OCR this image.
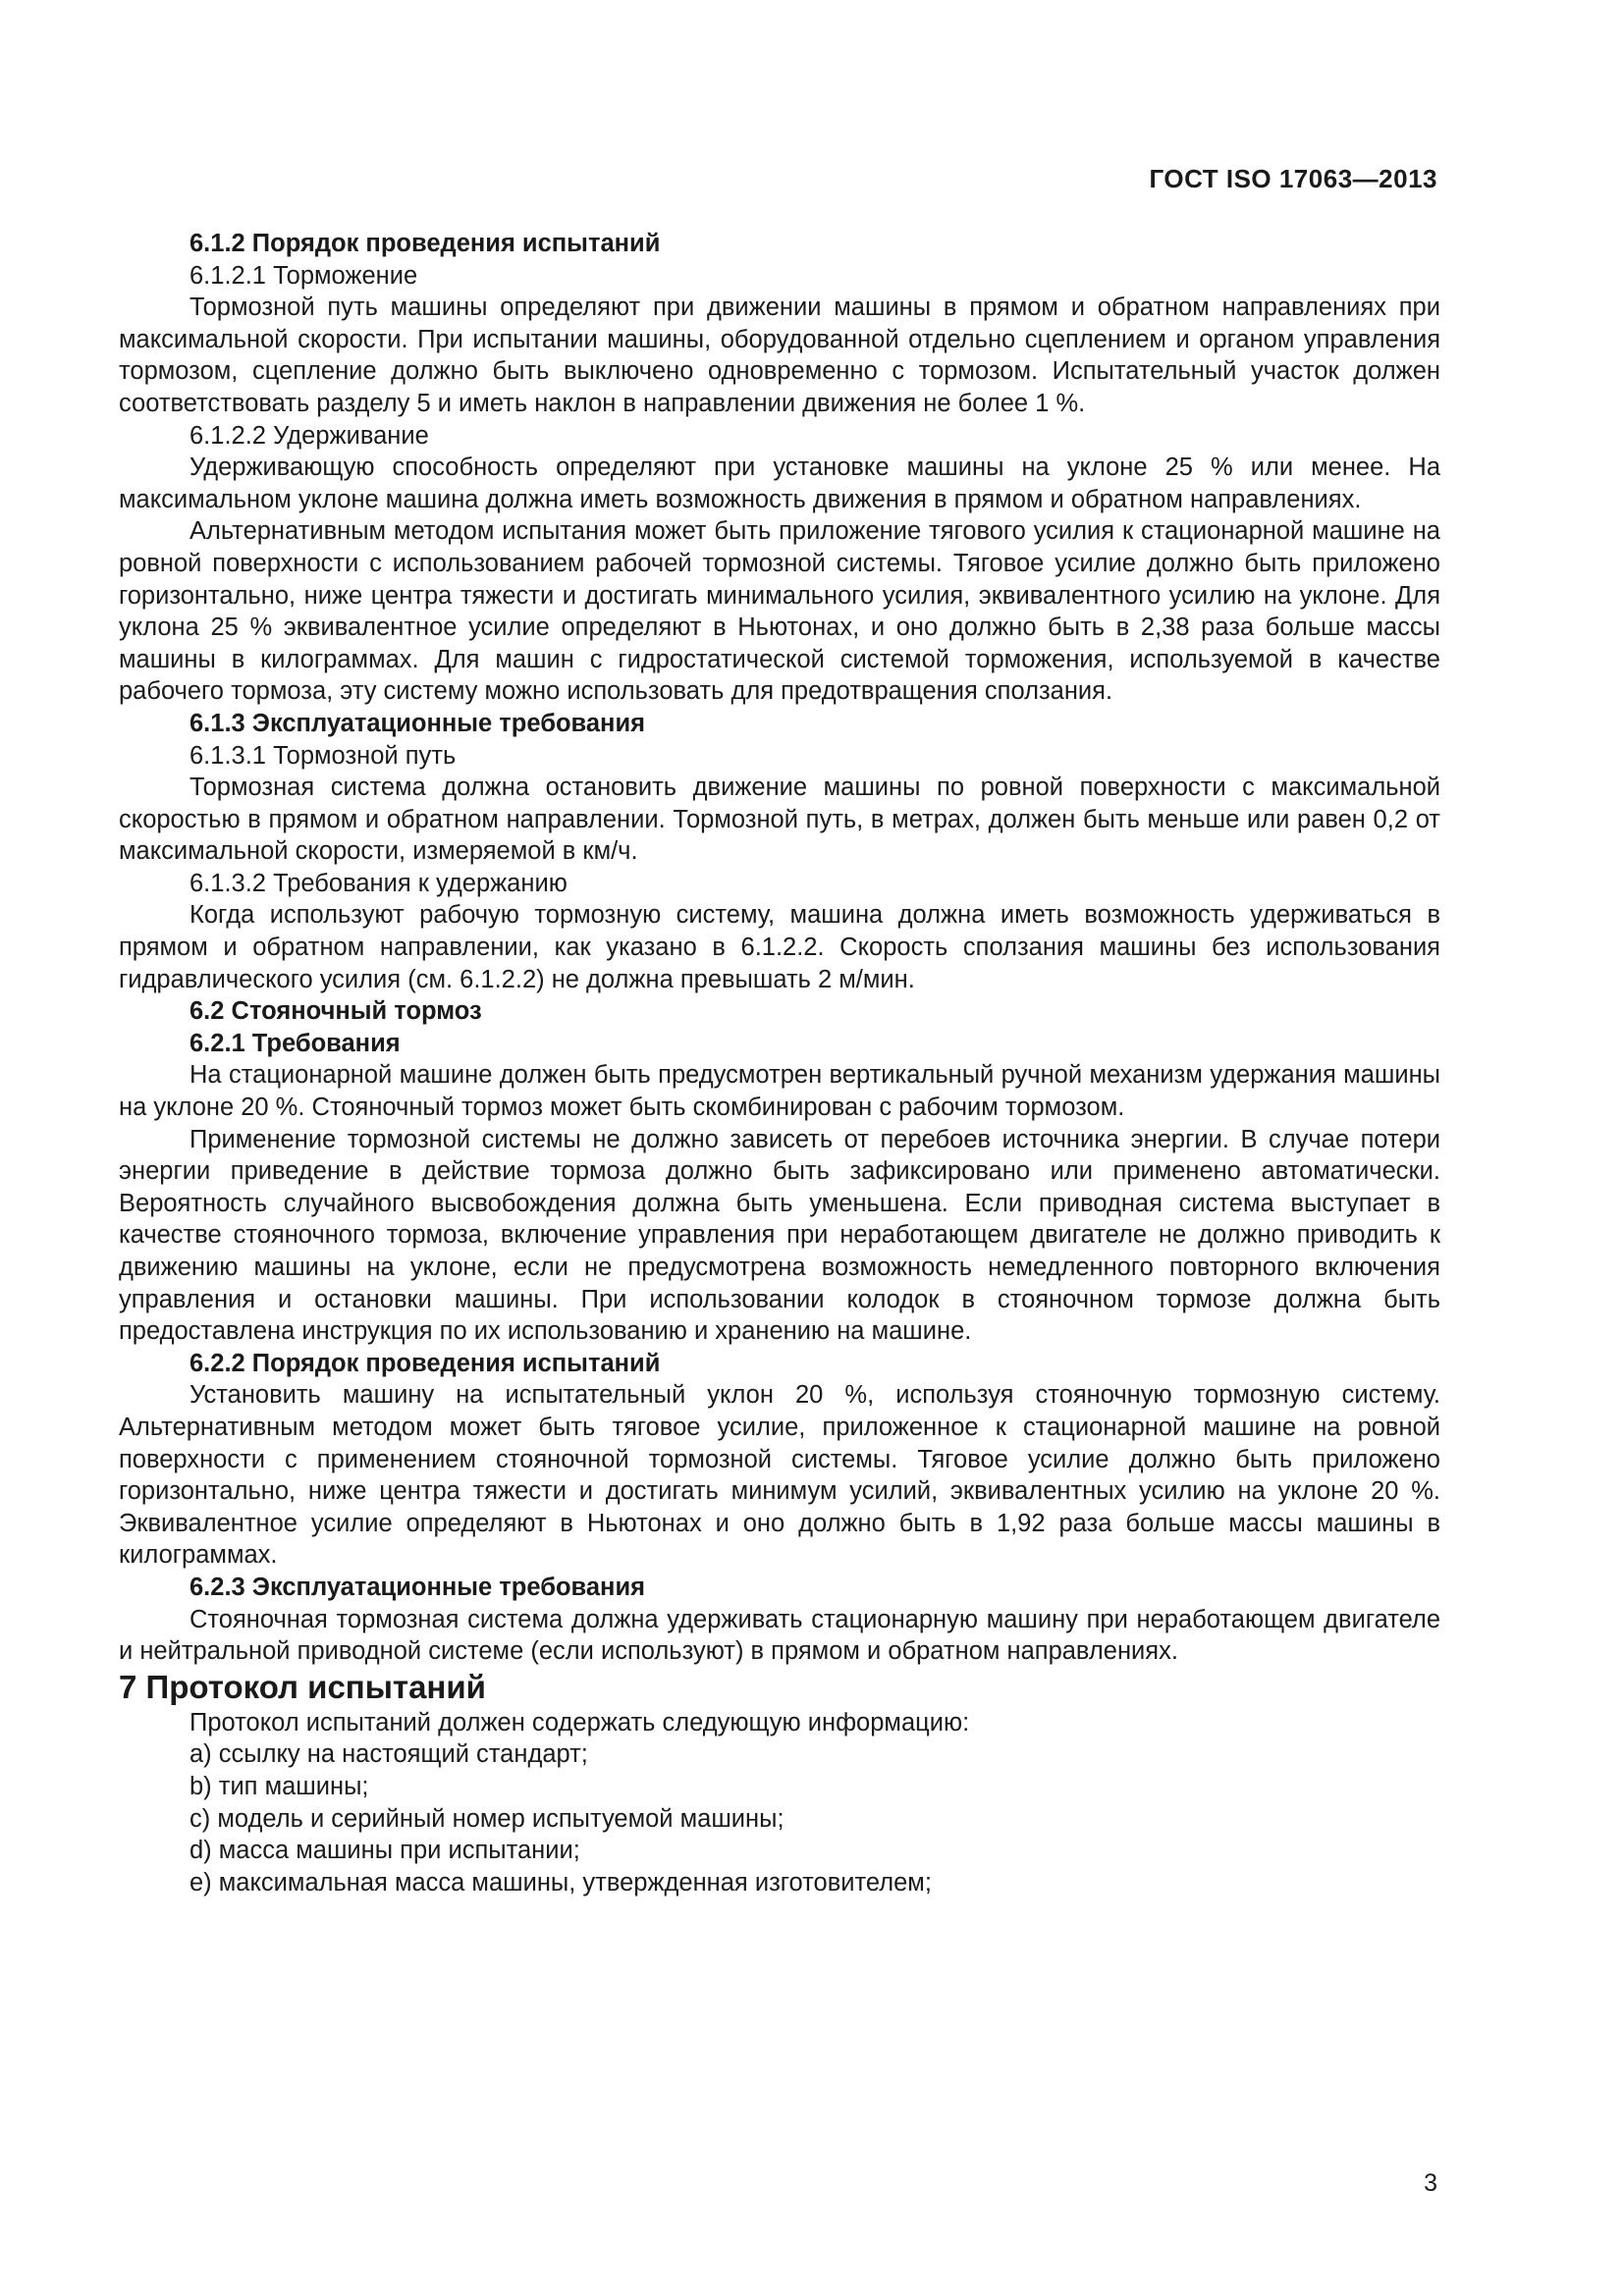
ГОСТ ISO 17063—2013

6.1.2 Порядок проведения испытаний

6.1.2.1 Торможение

Тормозной путь машины определяют при движении машины в прямом и обратном направлениях при максимальной скорости. При испытании машины, оборудованной отдельно сцеплением и органом управления тормозом, сцепление должно быть выключено одновременно с тормозом. Испытательный участок должен соответствовать разделу 5 и иметь наклон в направлении движения не более 1 %.

6.1.2.2 Удерживание

Удерживающую способность определяют при установке машины на уклоне 25 % или менее. На максимальном уклоне машина должна иметь возможность движения в прямом и обратном направлениях.

Альтернативным методом испытания может быть приложение тягового усилия к стационарной машине на ровной поверхности с использованием рабочей тормозной системы. Тяговое усилие должно быть приложено горизонтально, ниже центра тяжести и достигать минимального усилия, эквивалентного усилию на уклоне. Для уклона 25 % эквивалентное усилие определяют в Ньютонах, и оно должно быть в 2,38 раза больше массы машины в килограммах. Для машин с гидростатической системой торможения, используемой в качестве рабочего тормоза, эту систему можно использовать для предотвращения сползания.

6.1.3 Эксплуатационные требования

6.1.3.1 Тормозной путь

Тормозная система должна остановить движение машины по ровной поверхности с максимальной скоростью в прямом и обратном направлении. Тормозной путь, в метрах, должен быть меньше или равен 0,2 от максимальной скорости, измеряемой в км/ч.

6.1.3.2 Требования к удержанию

Когда используют рабочую тормозную систему, машина должна иметь возможность удерживаться в прямом и обратном направлении, как указано в 6.1.2.2. Скорость сползания машины без использования гидравлического усилия (см. 6.1.2.2) не должна превышать 2 м/мин.

6.2 Стояночный тормоз

6.2.1 Требования

На стационарной машине должен быть предусмотрен вертикальный ручной механизм удержания машины на уклоне 20 %. Стояночный тормоз может быть скомбинирован с рабочим тормозом.

Применение тормозной системы не должно зависеть от перебоев источника энергии. В случае потери энергии приведение в действие тормоза должно быть зафиксировано или применено автоматически. Вероятность случайного высвобождения должна быть уменьшена. Если приводная система выступает в качестве стояночного тормоза, включение управления при неработающем двигателе не должно приводить к движению машины на уклоне, если не предусмотрена возможность немедленного повторного включения управления и остановки машины. При использовании колодок в стояночном тормозе должна быть предоставлена инструкция по их использованию и хранению на машине.

6.2.2 Порядок проведения испытаний

Установить машину на испытательный уклон 20 %, используя стояночную тормозную систему. Альтернативным методом может быть тяговое усилие, приложенное к стационарной машине на ровной поверхности с применением стояночной тормозной системы. Тяговое усилие должно быть приложено горизонтально, ниже центра тяжести и достигать минимум усилий, эквивалентных усилию на уклоне 20 %. Эквивалентное усилие определяют в Ньютонах и оно должно быть в 1,92 раза больше массы машины в килограммах.

6.2.3 Эксплуатационные требования

Стояночная тормозная система должна удерживать стационарную машину при неработающем двигателе и нейтральной приводной системе (если используют) в прямом и обратном направлениях.

7 Протокол испытаний

Протокол испытаний должен содержать следующую информацию:

a) ссылку на настоящий стандарт;

b) тип машины;

c) модель и серийный номер испытуемой машины;

d) масса машины при испытании;

e) максимальная масса машины, утвержденная изготовителем;

3
